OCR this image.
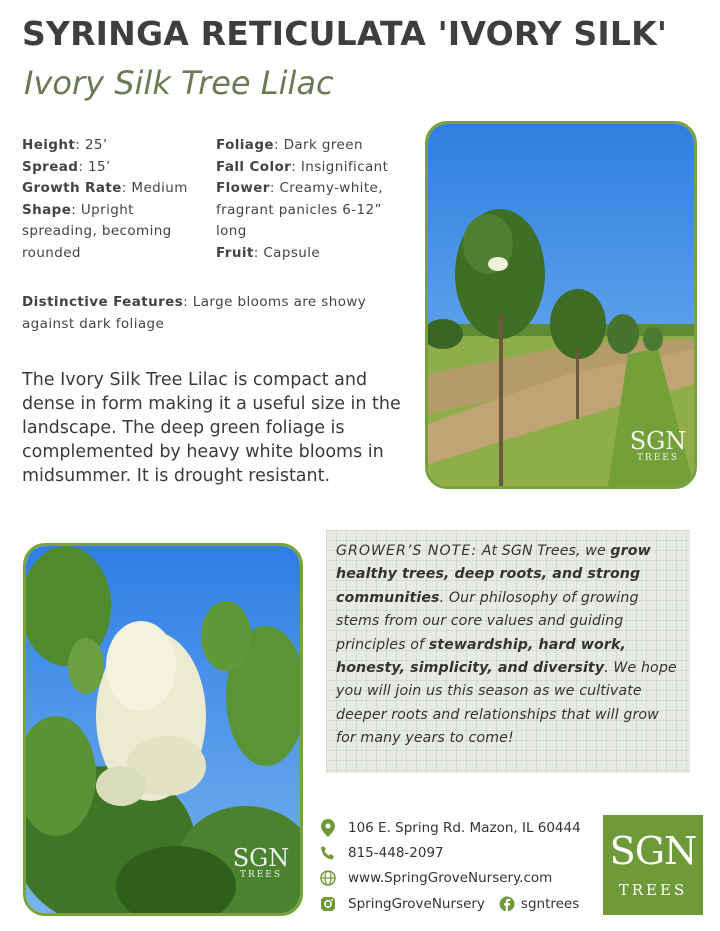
SYRINGA RETICULATA 'IVORY SILK'
Ivory Silk Tree Lilac
Height: 25’
Spread: 15’
Growth Rate: Medium
Shape: Upright spreading, becoming rounded
Foliage: Dark green
Fall Color: Insignificant
Flower: Creamy-white, fragrant panicles 6-12” long
Fruit: Capsule
Distinctive Features: Large blooms are showy against dark foliage
The Ivory Silk Tree Lilac is compact and dense in form making it a useful size in the landscape. The deep green foliage is complemented by heavy white blooms in midsummer. It is drought resistant.
SGN
TREES
SGN
TREES
GROWER’S NOTE: At SGN Trees, we grow healthy trees, deep roots, and strong communities. Our philosophy of growing stems from our core values and guiding principles of stewardship, hard work, honesty, simplicity, and diversity. We hope you will join us this season as we cultivate deeper roots and relationships that will grow for many years to come!
106 E. Spring Rd. Mazon, IL 60444
815-448-2097
www.SpringGroveNursery.com
SpringGroveNursery	sgntrees
SGN
TREES
